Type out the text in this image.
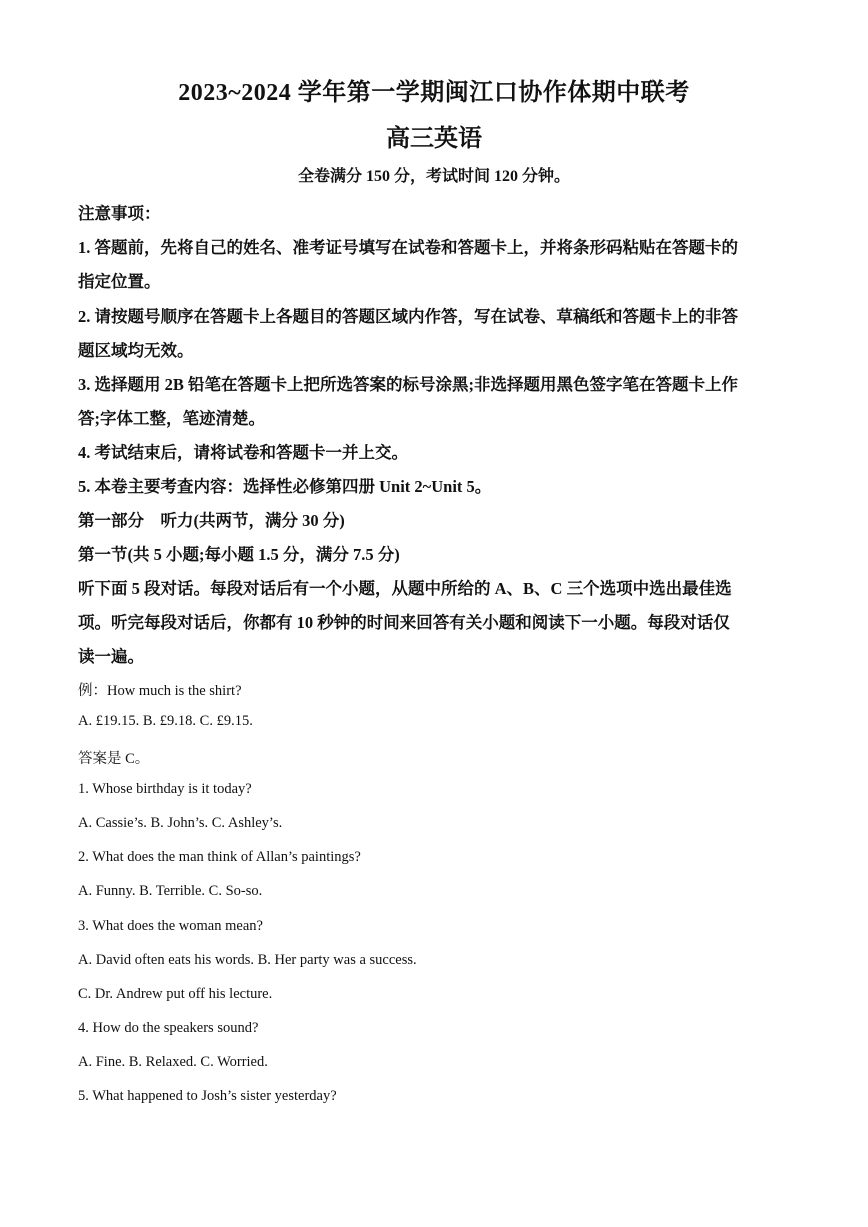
2023~2024 学年第一学期闽江口协作体期中联考
高三英语
全卷满分 150 分，考试时间 120 分钟。
注意事项：
1. 答题前，先将自己的姓名、准考证号填写在试卷和答题卡上，并将条形码粘贴在答题卡的
指定位置。
2. 请按题号顺序在答题卡上各题目的答题区域内作答，写在试卷、草稿纸和答题卡上的非答
题区域均无效。
3. 选择题用 2B 铅笔在答题卡上把所选答案的标号涂黑;非选择题用黑色签字笔在答题卡上作
答;字体工整，笔迹清楚。
4. 考试结束后，请将试卷和答题卡一并上交。
5. 本卷主要考查内容：选择性必修第四册 Unit 2~Unit 5。
第一部分　听力(共两节，满分 30 分)
第一节(共 5 小题;每小题 1.5 分，满分 7.5 分)
听下面 5 段对话。每段对话后有一个小题，从题中所给的 A、B、C 三个选项中选出最佳选
项。听完每段对话后，你都有 10 秒钟的时间来回答有关小题和阅读下一小题。每段对话仅
读一遍。
例：How much is the shirt?
A. £19.15. B. £9.18. C. £9.15.
答案是 C。
1. Whose birthday is it today?
A. Cassie’s. B. John’s. C. Ashley’s.
2. What does the man think of Allan’s paintings?
A. Funny. B. Terrible. C. So-so.
3. What does the woman mean?
A. David often eats his words. B. Her party was a success.
C. Dr. Andrew put off his lecture.
4. How do the speakers sound?
A. Fine. B. Relaxed. C. Worried.
5. What happened to Josh’s sister yesterday?
